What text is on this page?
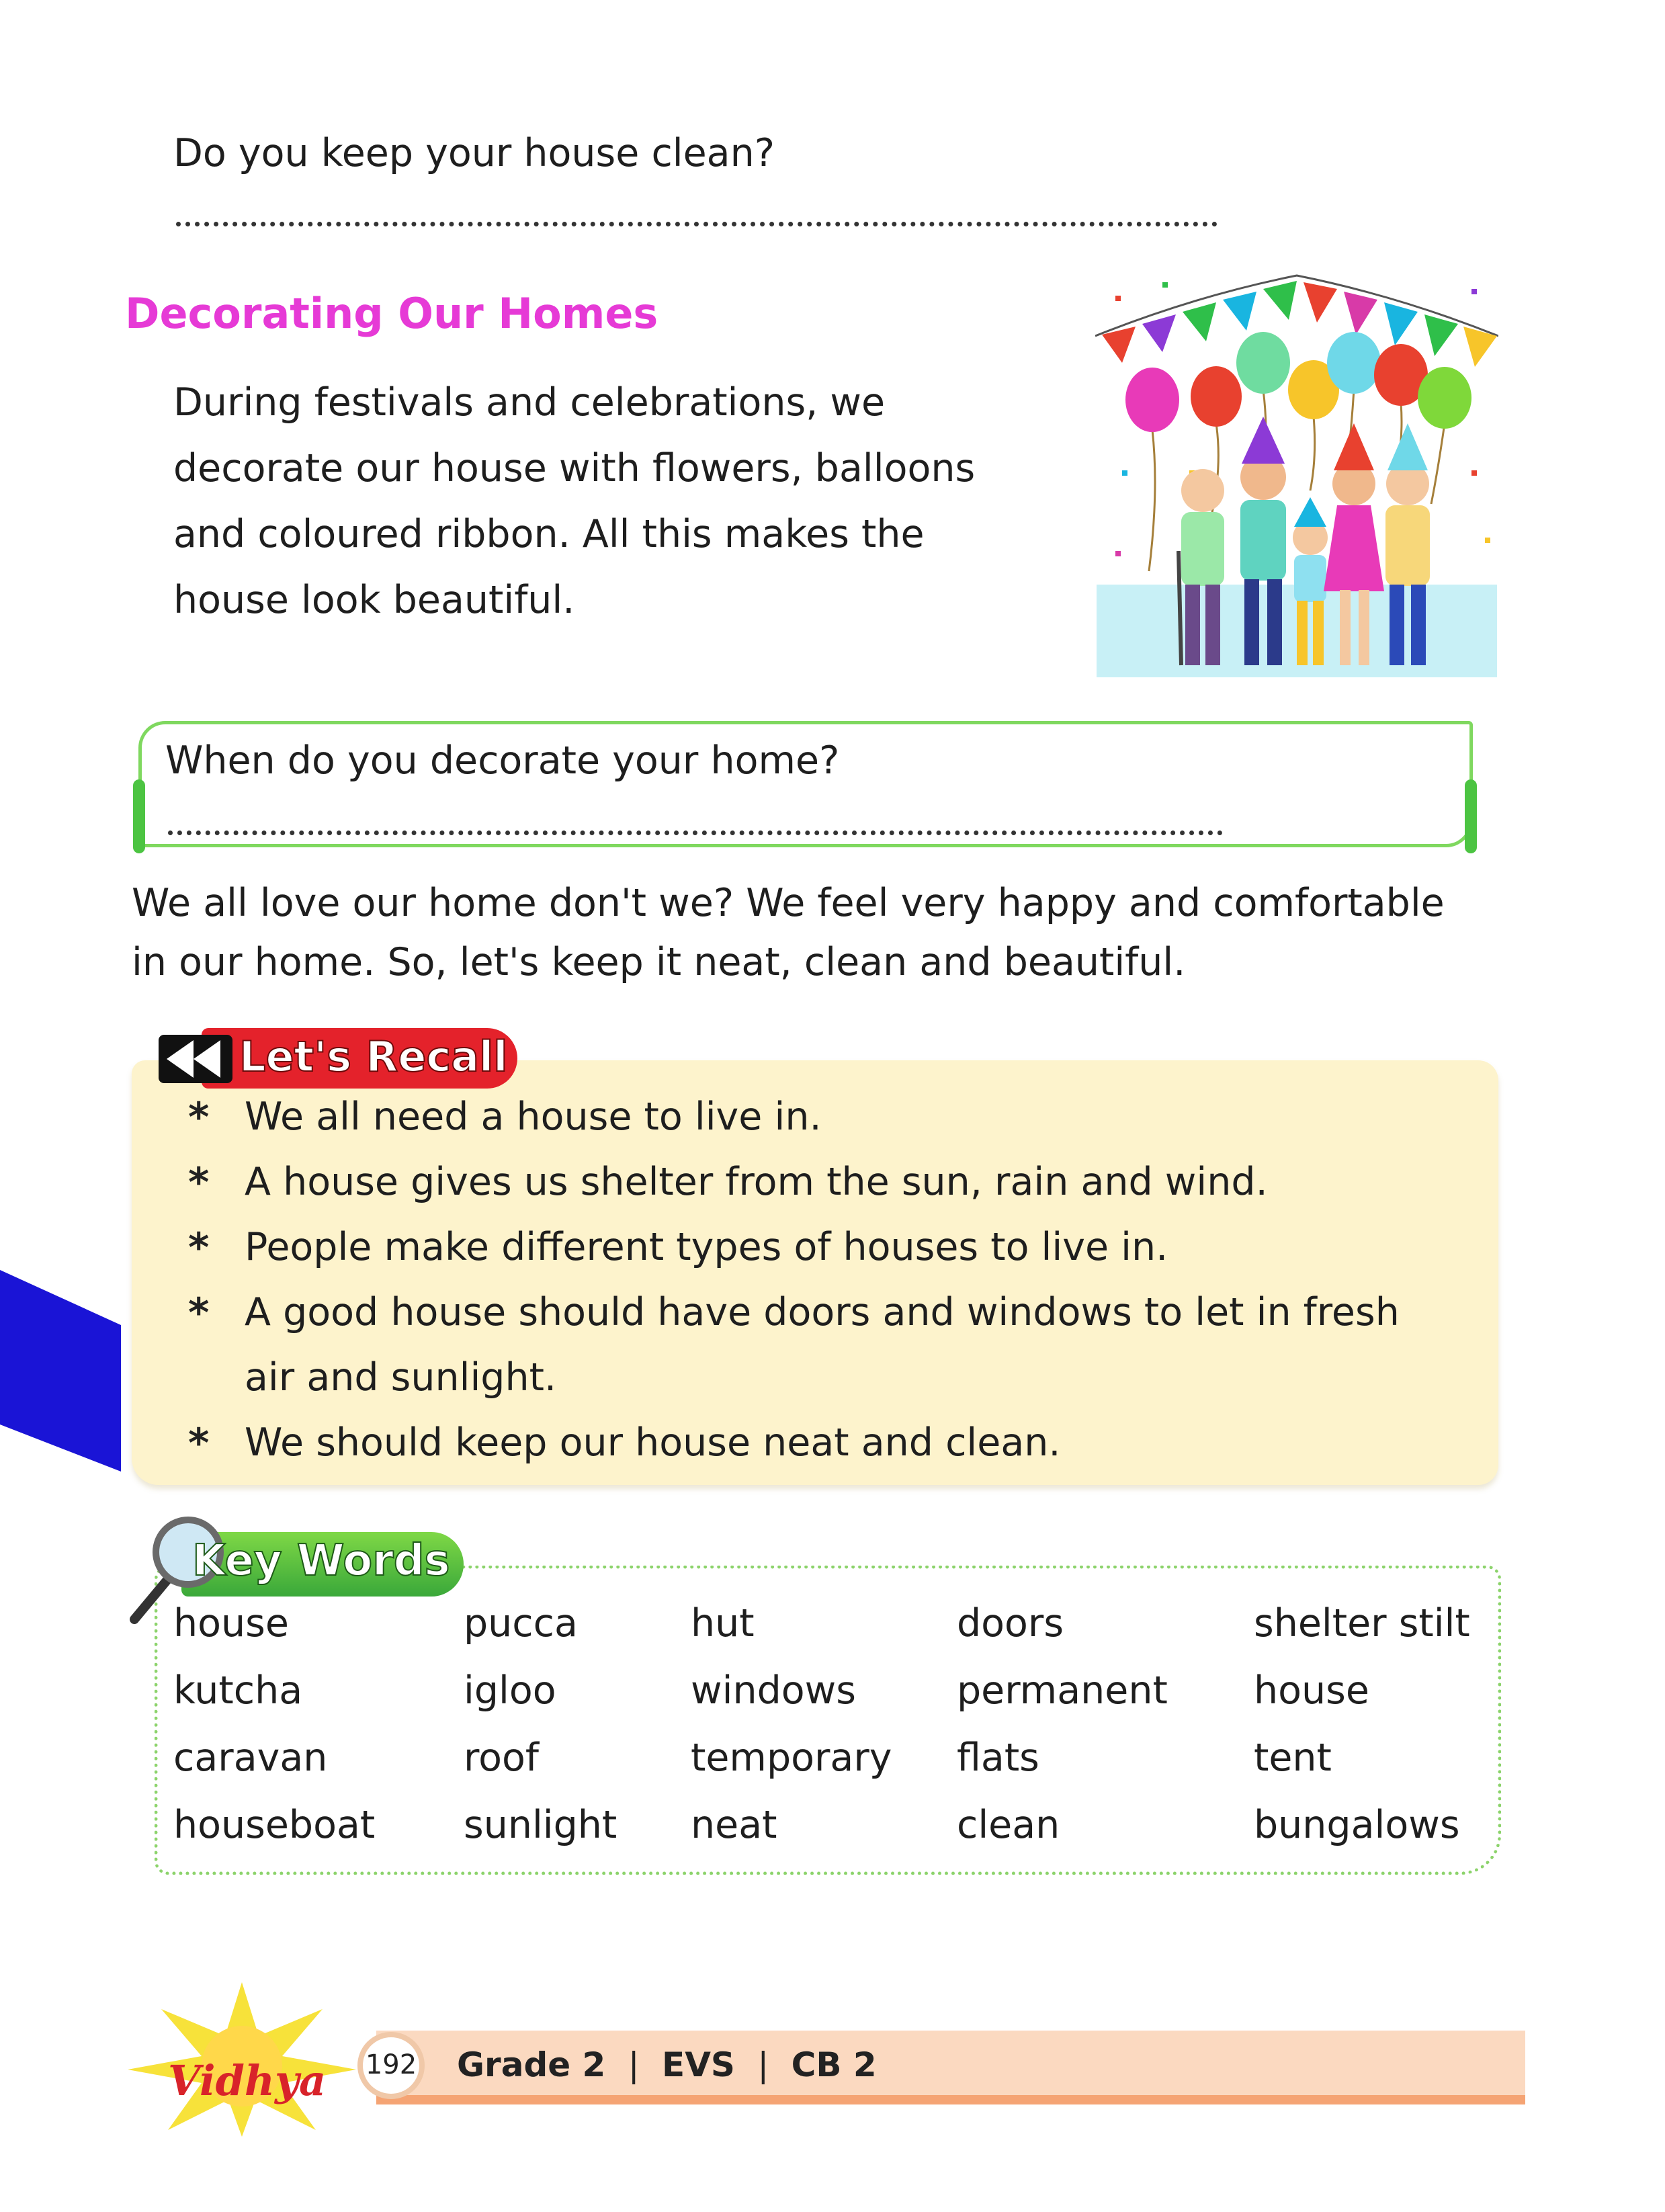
Do you keep your house clean?
Decorating Our Homes
During festivals and celebrations, we
decorate our house with flowers, balloons
and coloured ribbon. All this makes the
house look beautiful.
When do you decorate your home?
We all love our home don't we? We feel very happy and comfortable
in our home. So, let's keep it neat, clean and beautiful.
Let's Recall
* We all need a house to live in.
* A house gives us shelter from the sun, rain and wind.
* People make different types of houses to live in.
* A good house should have doors and windows to let in fresh
air and sunlight.
* We should keep our house neat and clean.
Key Words
house
kutcha
caravan
houseboat
pucca
igloo
roof
sunlight
hut
windows
temporary
neat
doors
permanent
flats
clean
shelter stilt
house
tent
bungalows
Vidhya 192 Grade 2 | EVS | CB 2
